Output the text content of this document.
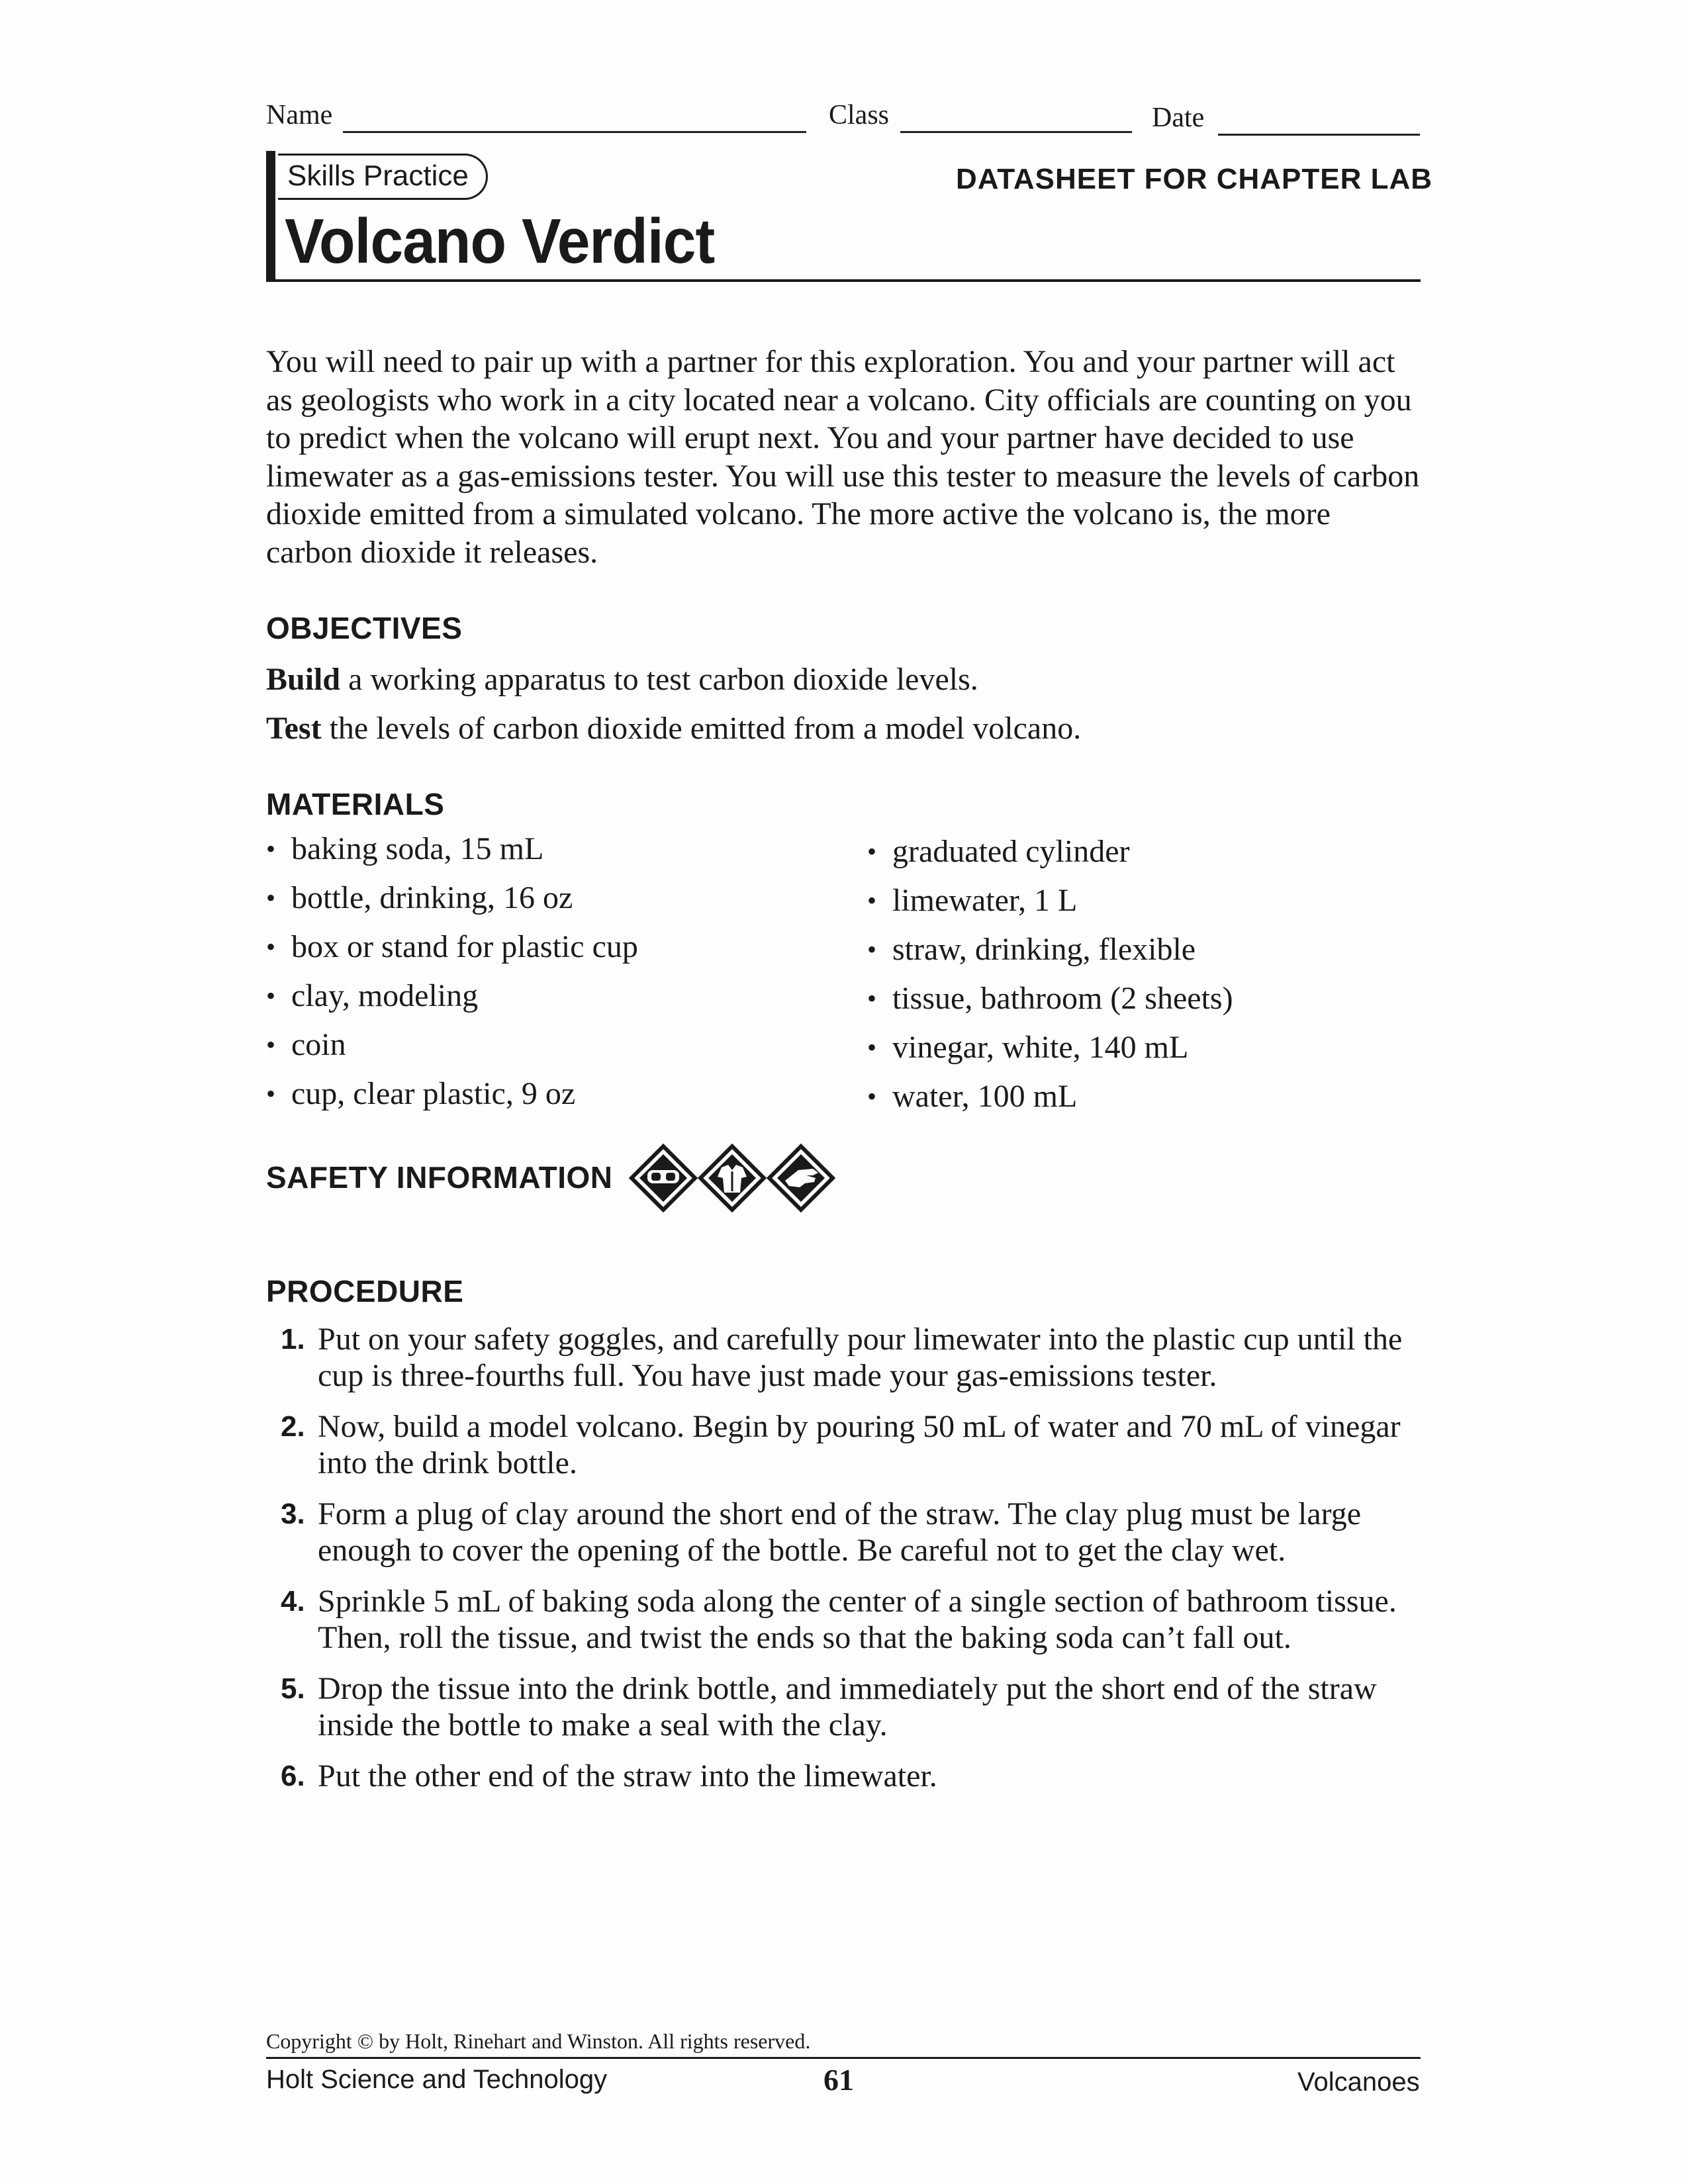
Name	Class	Date
Skills Practice
Volcano Verdict
DATASHEET FOR CHAPTER LAB

You will need to pair up with a partner for this exploration. You and your partner will act as geologists who work in a city located near a volcano. City officials are counting on you to predict when the volcano will erupt next. You and your partner have decided to use limewater as a gas-emissions tester. You will use this tester to measure the levels of carbon dioxide emitted from a simulated volcano. The more active the volcano is, the more carbon dioxide it releases.

OBJECTIVES
Build a working apparatus to test carbon dioxide levels.
Test the levels of carbon dioxide emitted from a model volcano.
MATERIALS
• baking soda, 15 mL
• bottle, drinking, 16 oz
• box or stand for plastic cup
• clay, modeling
• coin
• cup, clear plastic, 9 oz
• graduated cylinder
• limewater, 1 L
• straw, drinking, flexible
• tissue, bathroom (2 sheets)
• vinegar, white, 140 mL
• water, 100 mL
SAFETY INFORMATION
PROCEDURE
1. Put on your safety goggles, and carefully pour limewater into the plastic cup until the cup is three-fourths full. You have just made your gas-emissions tester.
2. Now, build a model volcano. Begin by pouring 50 mL of water and 70 mL of vinegar into the drink bottle.
3. Form a plug of clay around the short end of the straw. The clay plug must be large enough to cover the opening of the bottle. Be careful not to get the clay wet.
4. Sprinkle 5 mL of baking soda along the center of a single section of bathroom tissue. Then, roll the tissue, and twist the ends so that the baking soda can’t fall out.
5. Drop the tissue into the drink bottle, and immediately put the short end of the straw inside the bottle to make a seal with the clay.
6. Put the other end of the straw into the limewater.
Copyright © by Holt, Rinehart and Winston. All rights reserved.
Holt Science and Technology	61	Volcanoes
